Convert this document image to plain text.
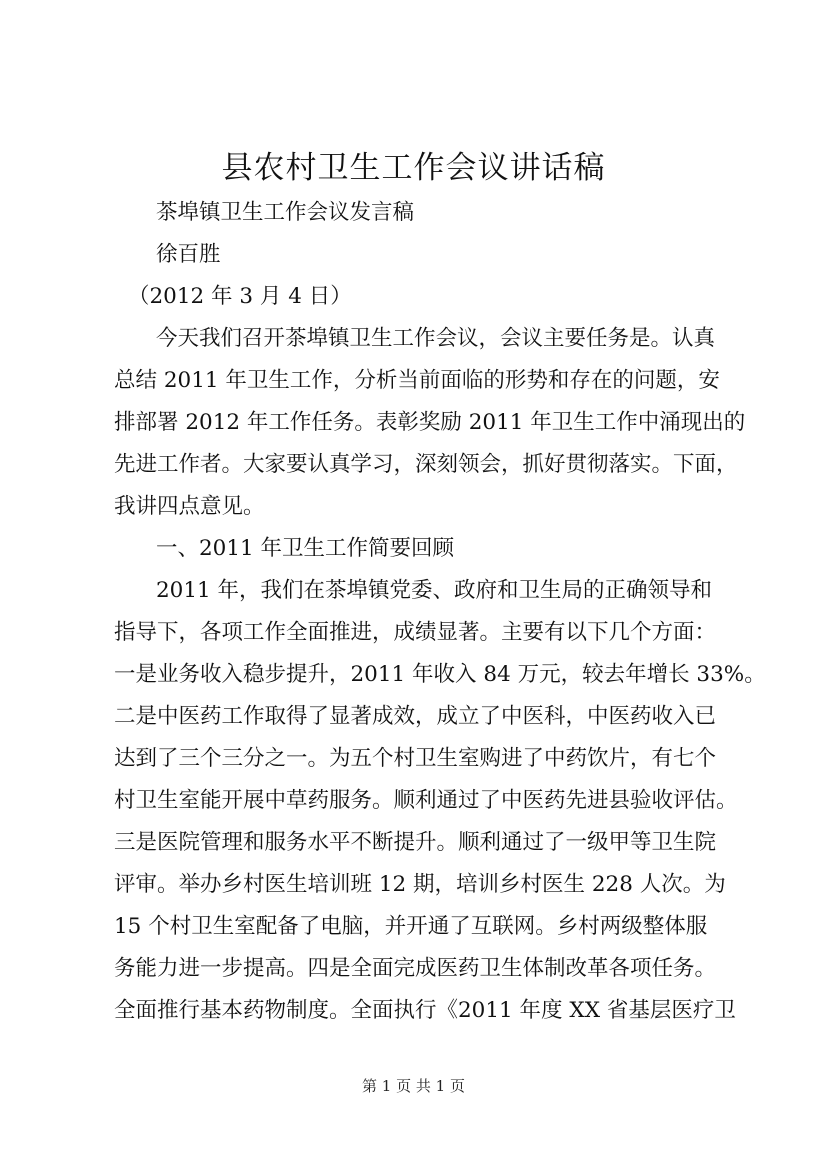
县农村卫生工作会议讲话稿
茶埠镇卫生工作会议发言稿
徐百胜
（2012 年 3 月 4 日）
今天我们召开茶埠镇卫生工作会议，会议主要任务是。认真
总结 2011 年卫生工作，分析当前面临的形势和存在的问题，安
排部署 2012 年工作任务。表彰奖励 2011 年卫生工作中涌现出的
先进工作者。大家要认真学习，深刻领会，抓好贯彻落实。下面，
我讲四点意见。
一、2011 年卫生工作简要回顾
2011 年，我们在茶埠镇党委、政府和卫生局的正确领导和
指导下，各项工作全面推进，成绩显著。主要有以下几个方面：
一是业务收入稳步提升，2011 年收入 84 万元，较去年增长 33%。
二是中医药工作取得了显著成效，成立了中医科，中医药收入已
达到了三个三分之一。为五个村卫生室购进了中药饮片，有七个
村卫生室能开展中草药服务。顺利通过了中医药先进县验收评估。
三是医院管理和服务水平不断提升。顺利通过了一级甲等卫生院
评审。举办乡村医生培训班 12 期，培训乡村医生 228 人次。为
15 个村卫生室配备了电脑，并开通了互联网。乡村两级整体服
务能力进一步提高。四是全面完成医药卫生体制改革各项任务。
全面推行基本药物制度。全面执行《2011 年度 XX 省基层医疗卫
第 1 页 共 1 页
